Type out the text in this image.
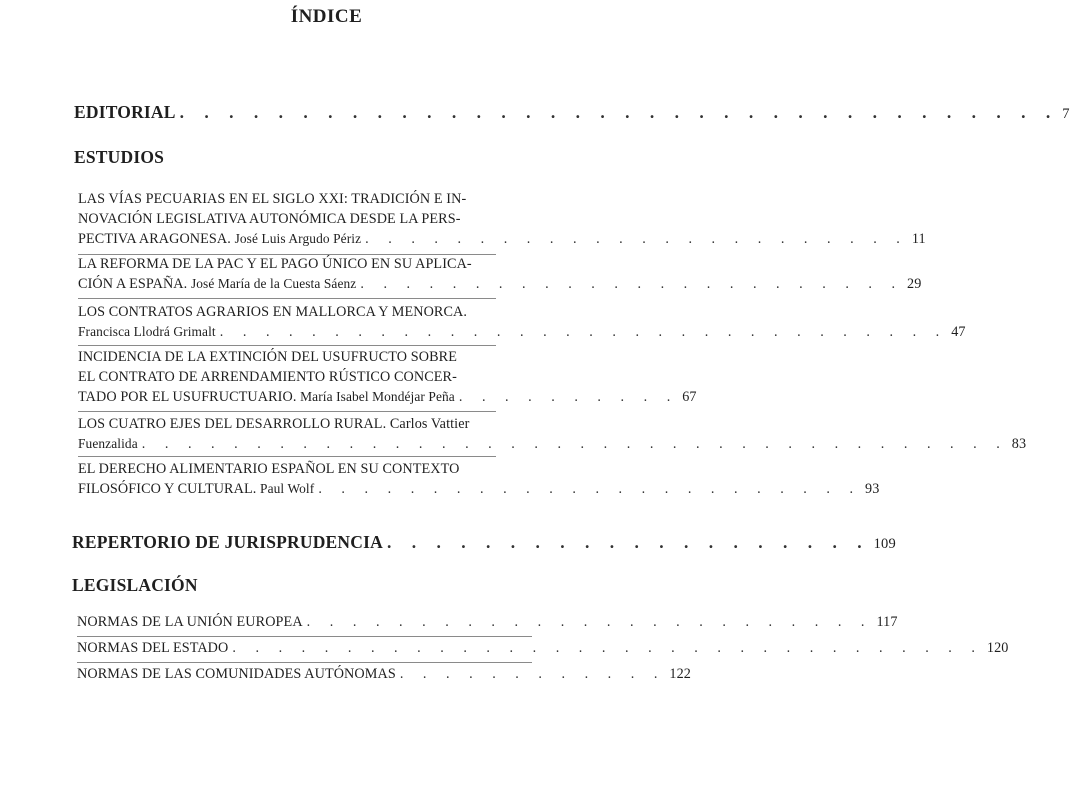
ÍNDICE
EDITORIAL . . . . . . . . . . . . . . . . . . . . . . . . . . . . . . . . . . . . 7
ESTUDIOS
LAS VÍAS PECUARIAS EN EL SIGLO XXI: TRADICIÓN E IN-
NOVACIÓN LEGISLATIVA AUTONÓMICA DESDE LA PERS-
PECTIVA ARAGONESA.
José Luis Argudo Périz . . . . . . . . . . . . . . . . . . . . . . . . 11
LA REFORMA DE LA PAC Y EL PAGO ÚNICO EN SU APLICA-
CIÓN A ESPAÑA.
José María de la Cuesta Sáenz . . . . . . . . . . . . . . . . . . . . . . . . 29
LOS CONTRATOS AGRARIOS EN MALLORCA Y MENORCA.
Francisca Llodrá Grimalt . . . . . . . . . . . . . . . . . . . . . . . . . . . . . . . . 47
INCIDENCIA DE LA EXTINCIÓN DEL USUFRUCTO SOBRE
EL CONTRATO DE ARRENDAMIENTO RÚSTICO CONCER-
TADO POR EL USUFRUCTUARIO.
María Isabel Mondéjar Peña . . . . . . . . . . 67
LOS CUATRO EJES DEL DESARROLLO RURAL. Carlos Vattier
Fuenzalida . . . . . . . . . . . . . . . . . . . . . . . . . . . . . . . . . . . . . . 83
EL DERECHO ALIMENTARIO ESPAÑOL EN SU CONTEXTO
FILOSÓFICO Y CULTURAL.
Paul Wolf . . . . . . . . . . . . . . . . . . . . . . . . 93
REPERTORIO DE JURISPRUDENCIA . . . . . . . . . . . . . . . . . . . . 109
LEGISLACIÓN
NORMAS DE LA UNIÓN EUROPEA . . . . . . . . . . . . . . . . . . . . . . . . . 117
NORMAS DEL ESTADO . . . . . . . . . . . . . . . . . . . . . . . . . . . . . . . . . 120
NORMAS DE LAS COMUNIDADES AUTÓNOMAS . . . . . . . . . . . . 122
